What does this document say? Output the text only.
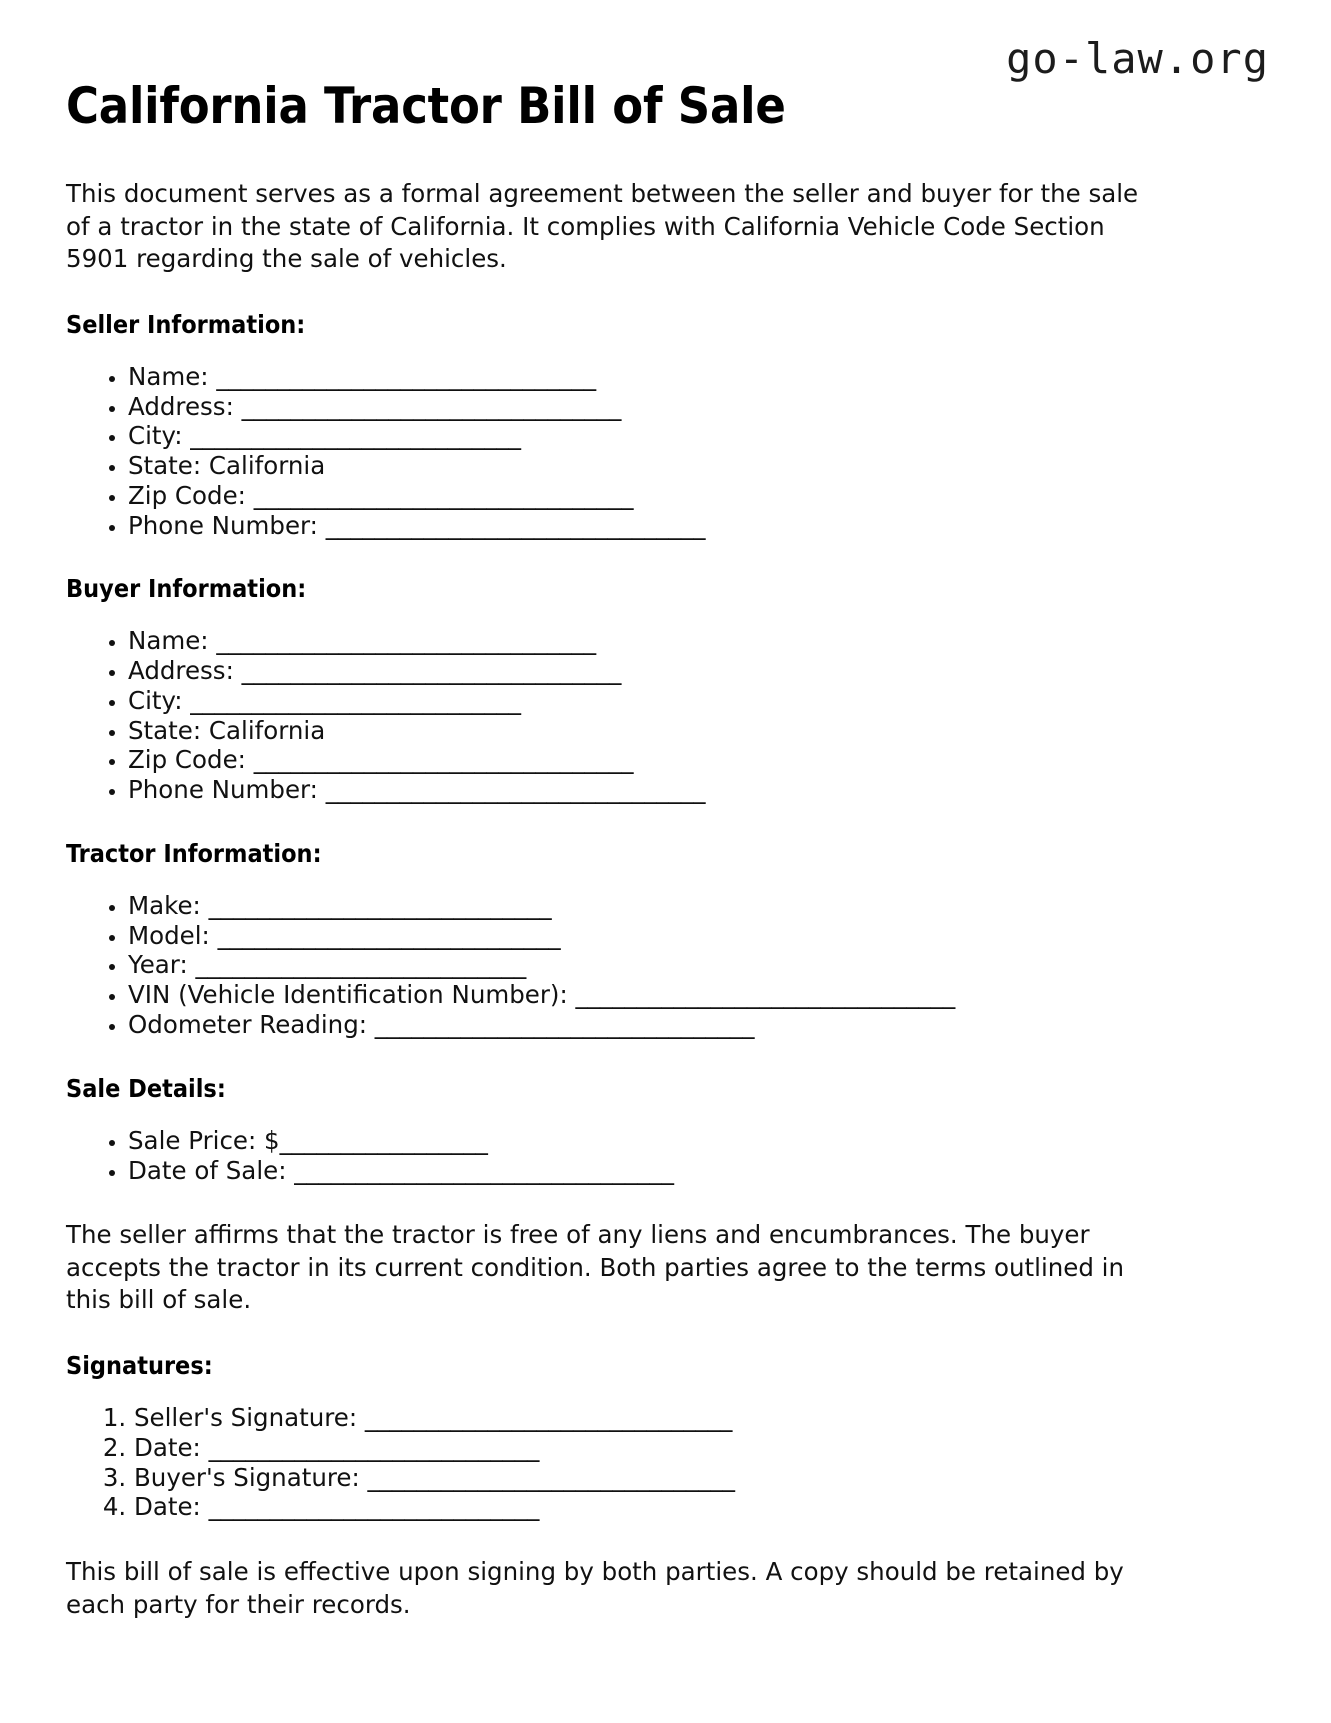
go-law.org
California Tractor Bill of Sale

This document serves as a formal agreement between the seller and buyer for the sale of a tractor in the state of California. It complies with California Vehicle Code Section 5901 regarding the sale of vehicles.

Seller Information:
• Name: _______________________________
• Address: _______________________________
• City: ___________________________
• State: California
• Zip Code: _______________________________
• Phone Number: _______________________________
Buyer Information:
• Name: _______________________________
• Address: _______________________________
• City: ___________________________
• State: California
• Zip Code: _______________________________
• Phone Number: _______________________________
Tractor Information:
• Make: ____________________________
• Model: ____________________________
• Year: ___________________________
• VIN (Vehicle Identification Number): _______________________________
• Odometer Reading: _______________________________
Sale Details:
• Sale Price: $_________________
• Date of Sale: _______________________________

The seller affirms that the tractor is free of any liens and encumbrances. The buyer accepts the tractor in its current condition. Both parties agree to the terms outlined in this bill of sale.

Signatures:
1. Seller's Signature: ______________________________
2. Date: ___________________________
3. Buyer's Signature: ______________________________
4. Date: ___________________________

This bill of sale is effective upon signing by both parties. A copy should be retained by each party for their records.
